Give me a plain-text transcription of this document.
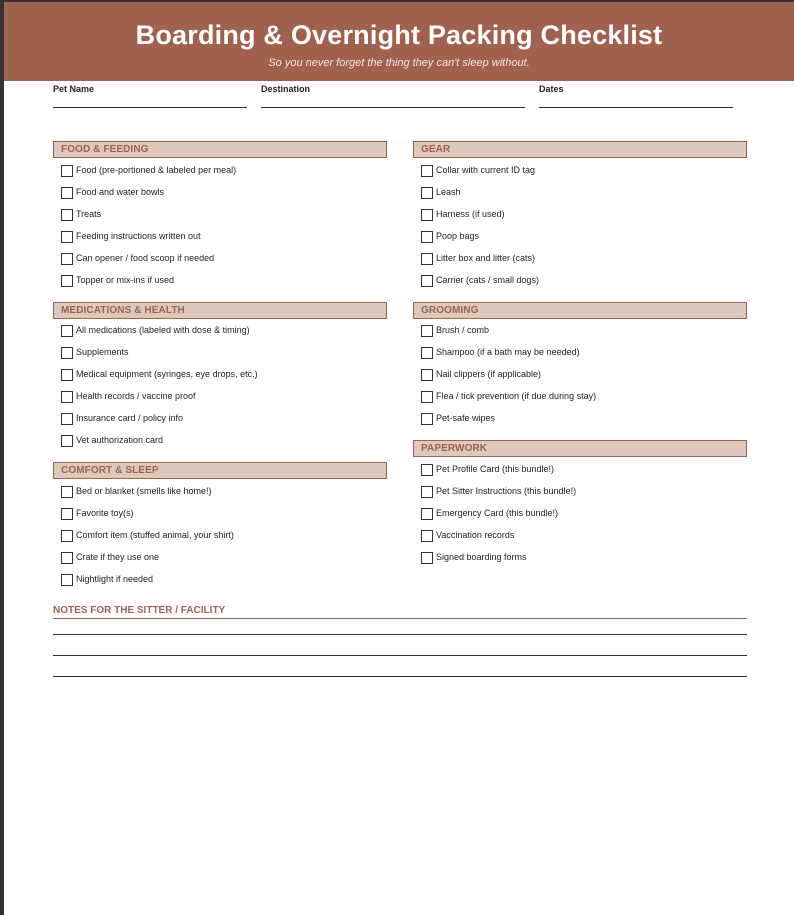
Boarding & Overnight Packing Checklist
So you never forget the thing they can't sleep without.
Pet Name	Destination	Dates
FOOD & FEEDING
Food (pre-portioned & labeled per meal)
Food and water bowls
Treats
Feeding instructions written out
Can opener / food scoop if needed
Topper or mix-ins if used
MEDICATIONS & HEALTH
All medications (labeled with dose & timing)
Supplements
Medical equipment (syringes, eye drops, etc.)
Health records / vaccine proof
Insurance card / policy info
Vet authorization card
COMFORT & SLEEP
Bed or blanket (smells like home!)
Favorite toy(s)
Comfort item (stuffed animal, your shirt)
Crate if they use one
Nightlight if needed
GEAR
Collar with current ID tag
Leash
Harness (if used)
Poop bags
Litter box and litter (cats)
Carrier (cats / small dogs)
GROOMING
Brush / comb
Shampoo (if a bath may be needed)
Nail clippers (if applicable)
Flea / tick prevention (if due during stay)
Pet-safe wipes
PAPERWORK
Pet Profile Card (this bundle!)
Pet Sitter Instructions (this bundle!)
Emergency Card (this bundle!)
Vaccination records
Signed boarding forms
NOTES FOR THE SITTER / FACILITY
